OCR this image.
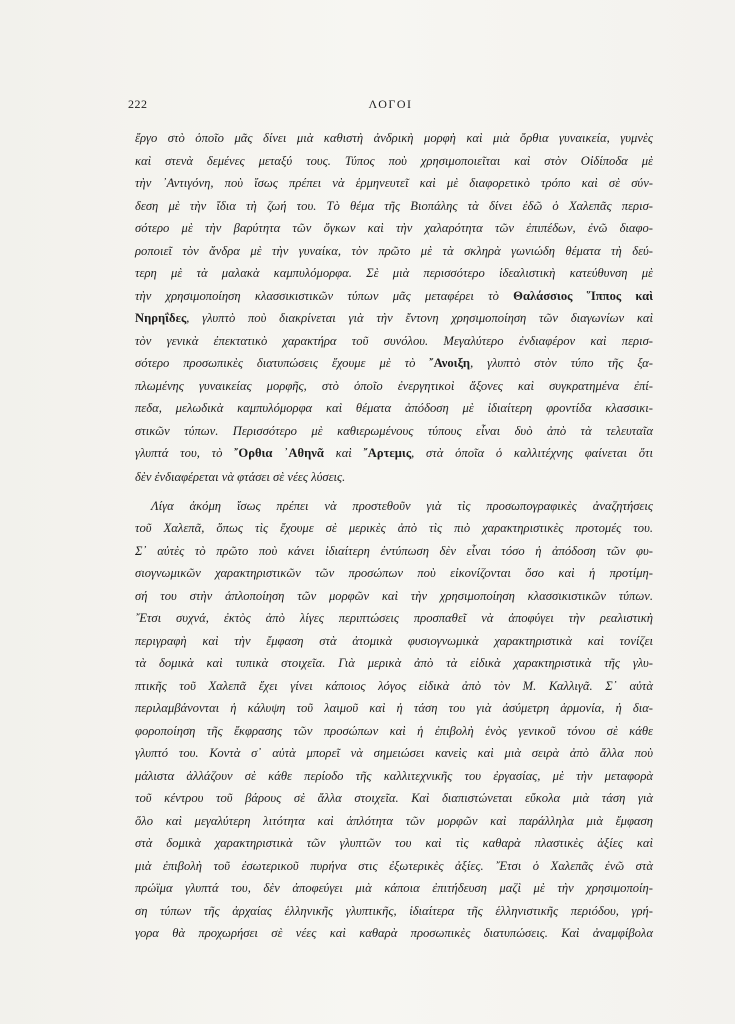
222	ΛΟΓΟΙ
ἔργο στὸ ὁποῖο μᾶς δίνει μιὰ καθιστὴ ἀνδρικὴ μορφὴ καὶ μιὰ ὄρθια γυναικεία, γυμνὲς
καὶ στενὰ δεμένες μεταξύ τους. Τύπος ποὺ χρησιμοποιεῖται καὶ στὸν Οἰδίποδα μὲ
τὴν ᾿Αντιγόνη, ποὺ ἴσως πρέπει νὰ ἑρμηνευτεῖ καὶ μὲ διαφορετικὸ τρόπο καὶ σὲ σύν-
δεση μὲ τὴν ἴδια τὴ ζωή του. Τὸ θέμα τῆς Βιοπάλης τὰ δίνει ἐδῶ ὁ Χαλεπᾶς περισ-
σότερο μὲ τὴν βαρύτητα τῶν ὄγκων καὶ τὴν χαλαρότητα τῶν ἐπιπέδων, ἐνῶ διαφο-
ροποιεῖ τὸν ἄνδρα μὲ τὴν γυναίκα, τὸν πρῶτο μὲ τὰ σκληρὰ γωνιώδη θέματα τὴ δεύ-
τερη μὲ τὰ μαλακὰ καμπυλόμορφα. Σὲ μιὰ περισσότερο ἰδεαλιστικὴ κατεύθυνση μὲ
τὴν χρησιμοποίηση κλασσικιστικῶν τύπων μᾶς μεταφέρει τὸ Θαλάσσιος ῞Ιππος καὶ
Νηρηΐδες, γλυπτὸ ποὺ διακρίνεται γιὰ τὴν ἔντονη χρησιμοποίηση τῶν διαγωνίων καὶ
τὸν γενικὰ ἐπεκτατικὸ χαρακτήρα τοῦ συνόλου. Μεγαλύτερο ἐνδιαφέρον καὶ περισ-
σότερο προσωπικὲς διατυπώσεις ἔχουμε μὲ τὸ ῎Ανοιξη, γλυπτὸ στὸν τύπο τῆς ξα-
πλωμένης γυναικείας μορφῆς, στὸ ὁποῖο ἐνεργητικοὶ ἄξονες καὶ συγκρατημένα ἐπί-
πεδα, μελωδικὰ καμπυλόμορφα καὶ θέματα ἀπόδοση μὲ ἰδιαίτερη φροντίδα κλασσικι-
στικῶν τύπων. Περισσότερο μὲ καθιερωμένους τύπους εἶναι δυὸ ἀπὸ τὰ τελευταῖα
γλυπτά του, τὸ ῎Ορθια ᾿Αθηνᾶ καὶ ῎Αρτεμις, στὰ ὁποῖα ὁ καλλιτέχνης φαίνεται ὅτι
δὲν ἐνδιαφέρεται νὰ φτάσει σὲ νέες λύσεις.
Λίγα ἀκόμη ἴσως πρέπει νὰ προστεθοῦν γιὰ τὶς προσωπογραφικὲς ἀναζητήσεις
τοῦ Χαλεπᾶ, ὅπως τὶς ἔχουμε σὲ μερικὲς ἀπὸ τὶς πιὸ χαρακτηριστικὲς προτομές του.
Σ᾿ αὐτὲς τὸ πρῶτο ποὺ κάνει ἰδιαίτερη ἐντύπωση δὲν εἶναι τόσο ἡ ἀπόδοση τῶν φυ-
σιογνωμικῶν χαρακτηριστικῶν τῶν προσώπων ποὺ εἰκονίζονται ὅσο καὶ ἡ προτίμη-
σή του στὴν ἁπλοποίηση τῶν μορφῶν καὶ τὴν χρησιμοποίηση κλασσικιστικῶν τύπων.
῎Ετσι συχνά, ἐκτὸς ἀπὸ λίγες περιπτώσεις προσπαθεῖ νὰ ἀποφύγει τὴν ρεαλιστικὴ
περιγραφὴ καὶ τὴν ἔμφαση στὰ ἀτομικὰ φυσιογνωμικὰ χαρακτηριστικὰ καὶ τονίζει
τὰ δομικὰ καὶ τυπικὰ στοιχεῖα. Γιὰ μερικὰ ἀπὸ τὰ εἰδικὰ χαρακτηριστικὰ τῆς γλυ-
πτικῆς τοῦ Χαλεπᾶ ἔχει γίνει κάποιος λόγος εἰδικὰ ἀπὸ τὸν Μ. Καλλιγᾶ. Σ᾿ αὐτὰ
περιλαμβάνονται ἡ κάλυψη τοῦ λαιμοῦ καὶ ἡ τάση του γιὰ ἀσύμετρη ἁρμονία, ἡ δια-
φοροποίηση τῆς ἔκφρασης τῶν προσώπων καὶ ἡ ἐπιβολὴ ἑνὸς γενικοῦ τόνου σὲ κάθε
γλυπτό του. Κοντὰ σ᾿ αὐτὰ μπορεῖ νὰ σημειώσει κανεὶς καὶ μιὰ σειρὰ ἀπὸ ἄλλα ποὺ
μάλιστα ἀλλάζουν σὲ κάθε περίοδο τῆς καλλιτεχνικῆς του ἐργασίας, μὲ τὴν μεταφορὰ
τοῦ κέντρου τοῦ βάρους σὲ ἄλλα στοιχεῖα. Καὶ διαπιστώνεται εὔκολα μιὰ τάση γιὰ
ὅλο καὶ μεγαλύτερη λιτότητα καὶ ἁπλότητα τῶν μορφῶν καὶ παράλληλα μιὰ ἔμφαση
στὰ δομικὰ χαρακτηριστικὰ τῶν γλυπτῶν του καὶ τὶς καθαρὰ πλαστικὲς ἀξίες καὶ
μιὰ ἐπιβολὴ τοῦ ἐσωτερικοῦ πυρήνα στις ἐξωτερικὲς ἀξίες. ῎Ετσι ὁ Χαλεπᾶς ἐνῶ στὰ
πρώϊμα γλυπτά του, δὲν ἀποφεύγει μιὰ κάποια ἐπιτήδευση μαζὶ μὲ τὴν χρησιμοποίη-
ση τύπων τῆς ἀρχαίας ἑλληνικῆς γλυπτικῆς, ἰδιαίτερα τῆς ἑλληνιστικῆς περιόδου, γρή-
γορα θὰ προχωρήσει σὲ νέες καὶ καθαρὰ προσωπικὲς διατυπώσεις. Καὶ ἀναμφίβολα
